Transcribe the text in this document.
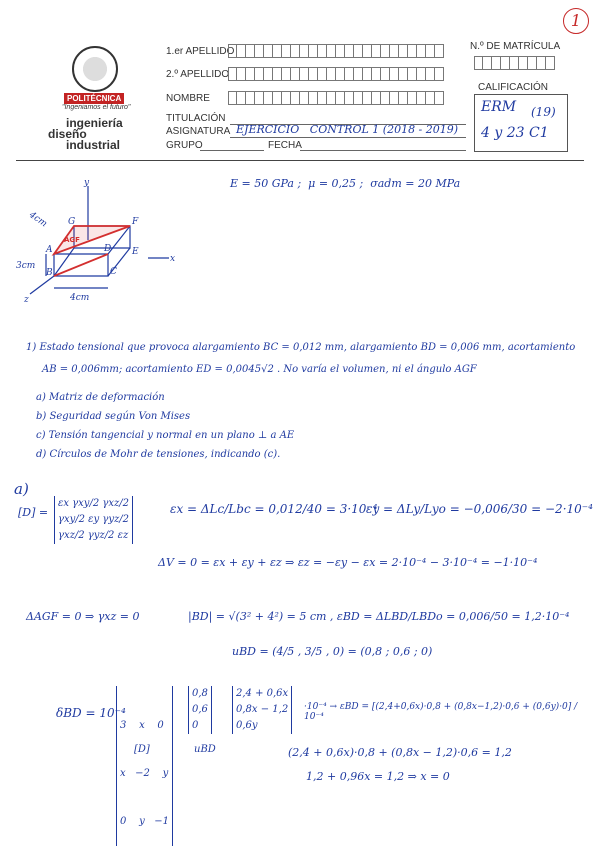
1
POLITÉCNICA
"Ingeniamos el futuro"
ingeniería
diseño
industrial
1.er APELLIDO
2.º APELLIDO
NOMBRE
TITULACIÓN
ASIGNATURA
GRUPO	FECHA
EJERCICIO   CONTROL 1 (2018 - 2019)
N.º DE MATRÍCULA
CALIFICACIÓN
ERM (19)
4 y 23 C1
E = 50 GPa ;  μ = 0,25 ;  σadm = 20 MPa
y
x
z
4cm
3cm
4cm
G	F
A	D
B	C
E
AGF
1) Estado tensional que provoca alargamiento BC = 0,012 mm, alargamiento BD = 0,006 mm, acortamiento
AB = 0,006mm; acortamiento ED = 0,0045√2 . No varía el volumen, ni el ángulo AGF
a) Matriz de deformación
b) Seguridad según Von Mises
c) Tensión tangencial y normal en un plano ⊥ a AE
d) Círculos de Mohr de tensiones, indicando (c).
a)
[D] =
εx γxy/2 γxz/2
γxy/2 εy γyz/2
γxz/2 γyz/2 εz
εx = ΔLc/Lbc = 0,012/40 = 3·10⁻⁴
εy = ΔLy/Lyo = −0,006/30 = −2·10⁻⁴
ΔV = 0 = εx + εy + εz ⇒ εz = −εy − εx = 2·10⁻⁴ − 3·10⁻⁴ = −1·10⁻⁴
ΔAGF = 0 ⇒ γxz = 0	|BD| = √(3² + 4²) = 5 cm , εBD = ΔLBD/LBDo = 0,006/50 = 1,2·10⁻⁴
uBD = (4/5 , 3/5 , 0) = (0,8 ; 0,6 ; 0)
δBD = 10⁻⁴

3    x    0

x   −2    y

0    y   −1

0,8
0,6
0
2,4 + 0,6x
0,8x − 1,2
0,6y
·10⁻⁴ → εBD = [(2,4+0,6x)·0,8 + (0,8x−1,2)·0,6 + (0,6y)·0] / 10⁻⁴
[D]	uBD	(2,4 + 0,6x)·0,8 + (0,8x − 1,2)·0,6 = 1,2
1,2 + 0,96x = 1,2 ⇒ x = 0
